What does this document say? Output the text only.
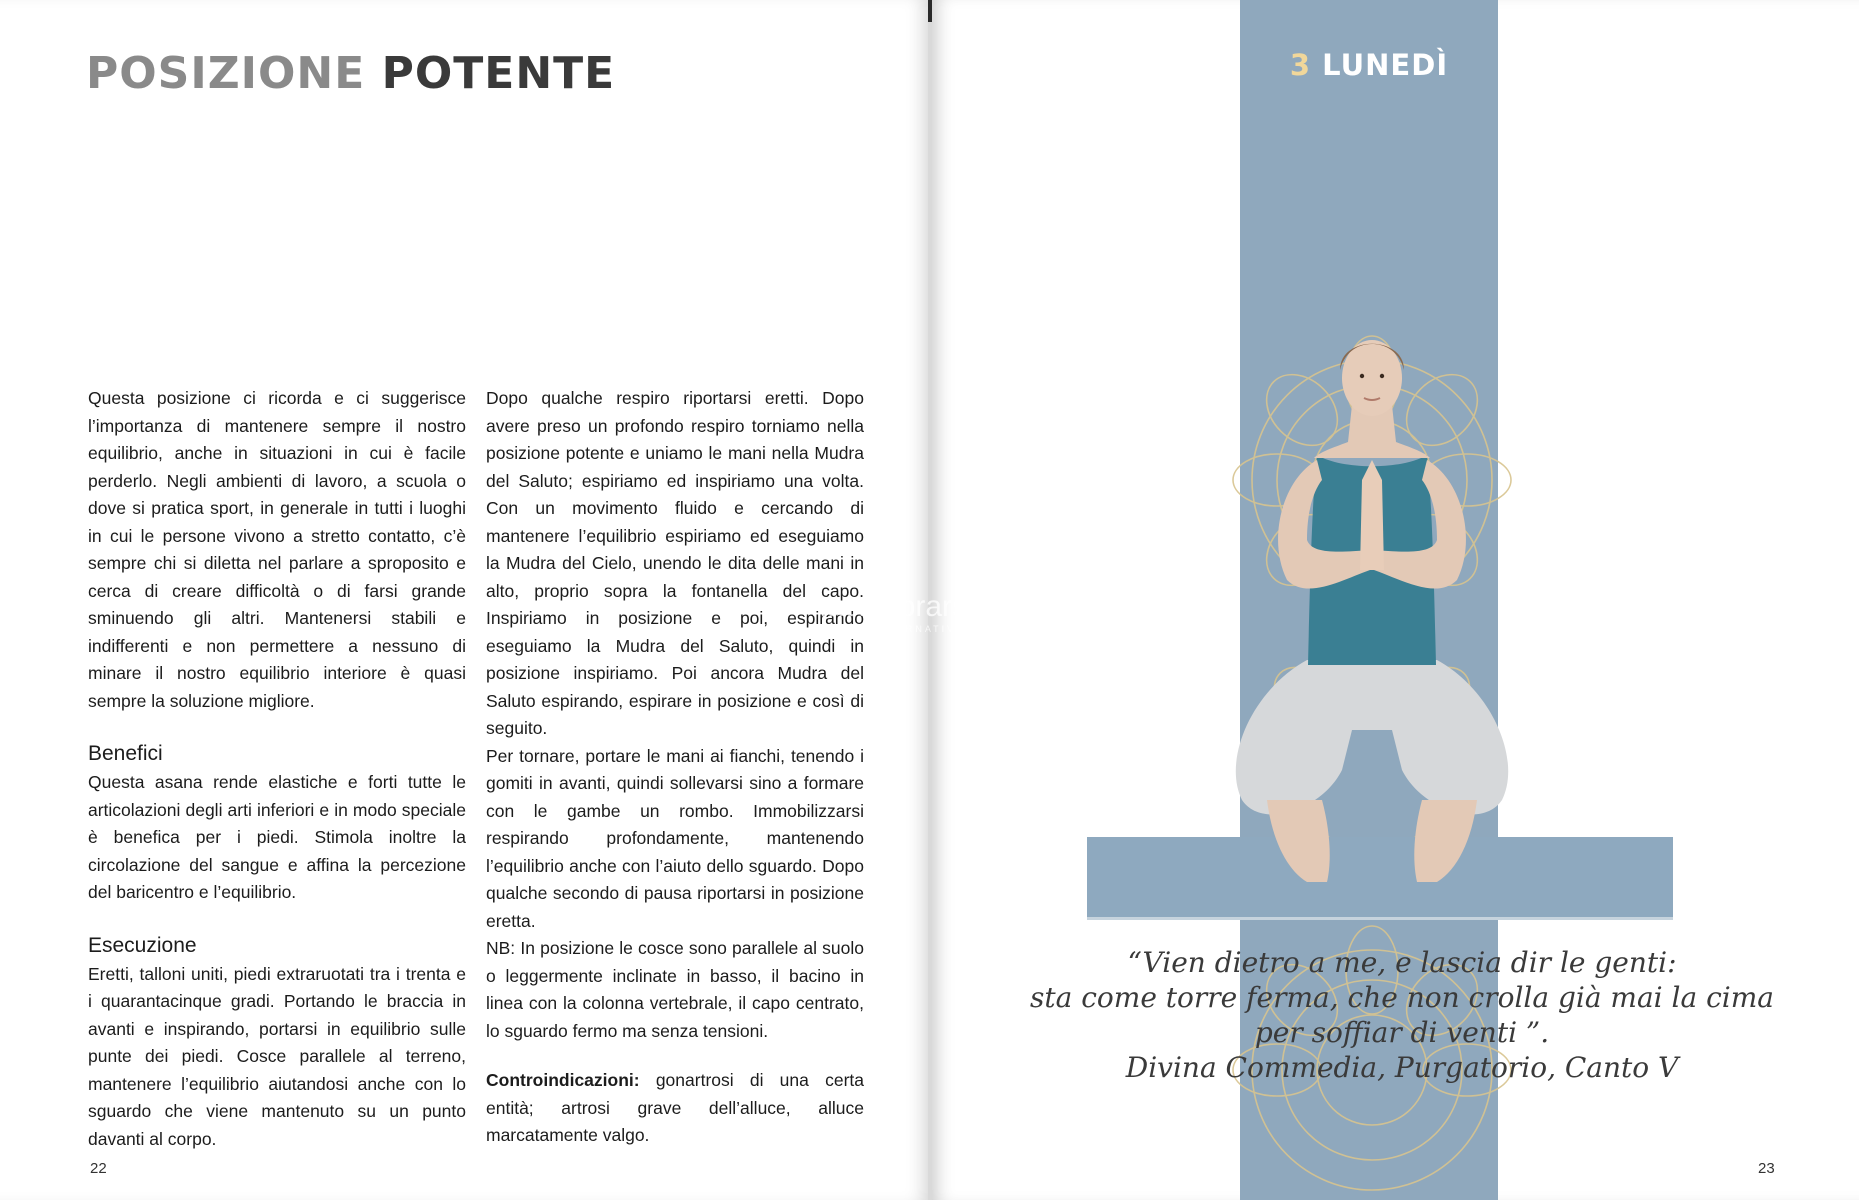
POSIZIONE POTENTE

Questa posizione ci ricorda e ci suggerisce l’importanza di mantenere sempre il nostro equilibrio, anche in situazioni in cui è facile perderlo. Negli ambienti di lavoro, a scuola o dove si pratica sport, in generale in tutti i luoghi in cui le persone vivono a stretto contatto, c’è sempre chi si diletta nel parlare a sproposito e cerca di creare difficoltà o di farsi grande sminuendo gli altri. Mantenersi stabili e indifferenti e non permettere a nessuno di minare il nostro equilibrio interiore è quasi sempre la soluzione migliore.

Benefici

Questa asana rende elastiche e forti tutte le articolazioni degli arti inferiori e in modo speciale è benefica per i piedi. Stimola inoltre la circolazione del sangue e affina la percezione del baricentro e l’equilibrio.

Esecuzione

Eretti, talloni uniti, piedi extraruotati tra i trenta e i quarantacinque gradi. Portando le braccia in avanti e inspirando, portarsi in equilibrio sulle punte dei piedi. Cosce parallele al terreno, mantenere l’equilibrio aiutandosi anche con lo sguardo che viene mantenuto su un punto davanti al corpo.

Dopo qualche respiro riportarsi eretti. Dopo avere preso un profondo respiro torniamo nella posizione potente e uniamo le mani nella Mudra del Saluto; espiriamo ed inspiriamo una volta. Con un movimento fluido e cercando di mantenere l’equilibrio espiriamo ed eseguiamo la Mudra del Cielo, unendo le dita delle mani in alto, proprio sopra la fontanella del capo. Inspiriamo in posizione e poi, espirando eseguiamo la Mudra del Saluto, quindi in posizione inspiriamo. Poi ancora Mudra del Saluto espirando, espirare in posizione e così di seguito.

Per tornare, portare le mani ai fianchi, tenendo i gomiti in avanti, quindi sollevarsi sino a formare con le gambe un rombo. Immobilizzarsi respirando profondamente, mantenendo l’equilibrio anche con l’aiuto dello sguardo. Dopo qualche secondo di pausa riportarsi in posizione eretta.

NB: In posizione le cosce sono parallele al suolo o leggermente inclinate in basso, il bacino in linea con la colonna vertebrale, il capo centrato, lo sguardo fermo ma senza tensioni.

Controindicazioni: gonartrosi di una certa entità; artrosi grave dell’alluce, alluce marcatamente valgo.

22
3 LUNEDÌ
macrolibrarsi
ALTERNATIVA NATURALE
“Vien dietro a me, e lascia dir le genti:
sta come torre ferma, che non crolla già mai la cima
per soffiar di venti ”.
Divina Commedia, Purgatorio, Canto V
23
